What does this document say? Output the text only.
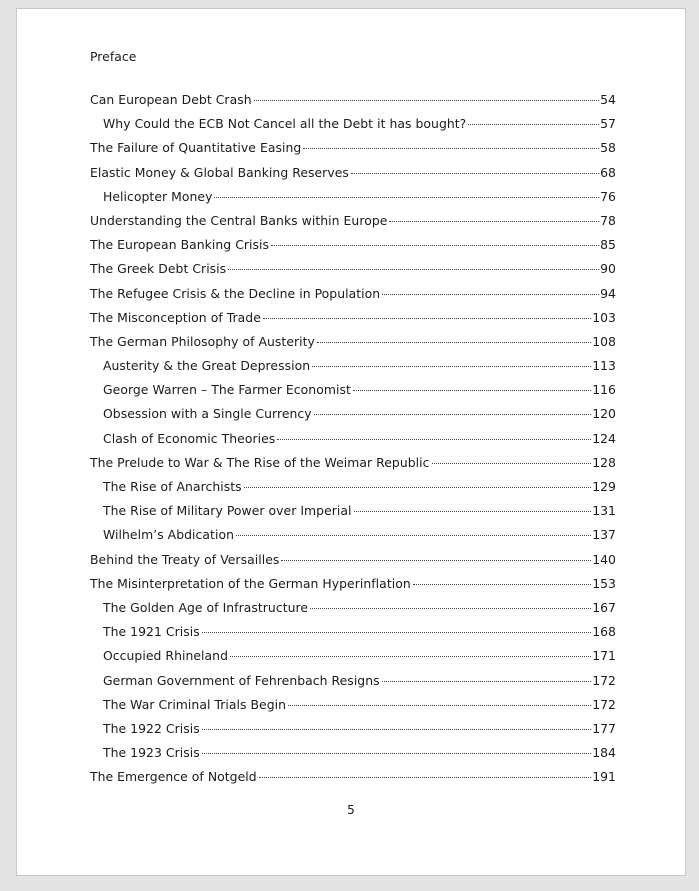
Preface
Can European Debt Crash	54
Why Could the ECB Not Cancel all the Debt it has bought?	57
The Failure of Quantitative Easing	58
Elastic Money & Global Banking Reserves	68
Helicopter Money	76
Understanding the Central Banks within Europe	78
The European Banking Crisis	85
The Greek Debt Crisis	90
The Refugee Crisis & the Decline in Population	94
The Misconception of Trade	103
The German Philosophy of Austerity	108
Austerity & the Great Depression	113
George Warren – The Farmer Economist	116
Obsession with a Single Currency	120
Clash of Economic Theories	124
The Prelude to War & The Rise of the Weimar Republic	128
The Rise of Anarchists	129
The Rise of Military Power over Imperial	131
Wilhelm’s Abdication	137
Behind the Treaty of Versailles	140
The Misinterpretation of the German Hyperinflation	153
The Golden Age of Infrastructure	167
The 1921 Crisis	168
Occupied Rhineland	171
German Government of Fehrenbach Resigns	172
The War Criminal Trials Begin	172
The 1922 Crisis	177
The 1923 Crisis	184
The Emergence of Notgeld	191
5
